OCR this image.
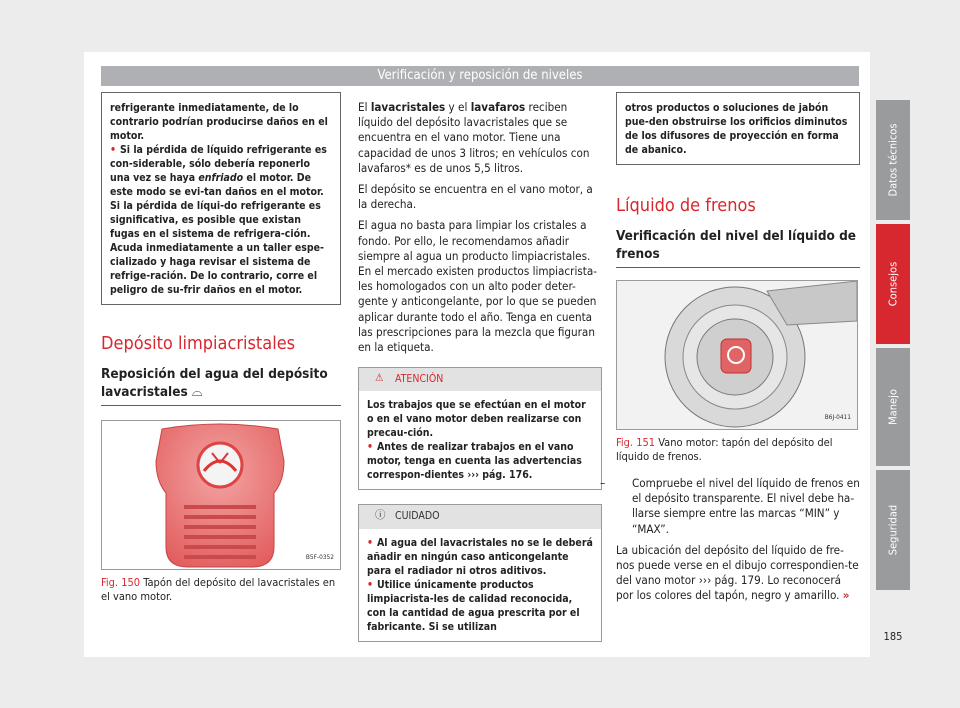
Verificación y reposición de niveles

refrigerante inmediatamente, de lo contrario podrían producirse daños en el motor.

• Si la pérdida de líquido refrigerante es con-siderable, sólo debería reponerlo una vez se haya enfriado el motor. De este modo se evi-tan daños en el motor. Si la pérdida de líqui-do refrigerante es significativa, es posible que existan fugas en el sistema de refrigera-ción. Acuda inmediatamente a un taller espe-cializado y haga revisar el sistema de refrige-ración. De lo contrario, corre el peligro de su-frir daños en el motor.

Depósito limpiacristales
Reposición del agua del depósito lavacristales ⌓
B5F-0352
Fig. 150 Tapón del depósito del lavacristales en el vano motor.

El lavacristales y el lavafaros reciben líquido del depósito lavacristales que se encuentra en el vano motor. Tiene una capacidad de unos 3 litros; en vehículos con lavafaros* es de unos 5,5 litros.

El depósito se encuentra en el vano motor, a la derecha.

El agua no basta para limpiar los cristales a fondo. Por ello, le recomendamos añadir siempre al agua un producto limpiacristales. En el mercado existen productos limpiacrista-les homologados con un alto poder deter-gente y anticongelante, por lo que se pueden aplicar durante todo el año. Tenga en cuenta las prescripciones para la mezcla que figuran en la etiqueta.

⚠ ATENCIÓN

Los trabajos que se efectúan en el motor o en el vano motor deben realizarse con precau-ción.

• Antes de realizar trabajos en el vano motor, tenga en cuenta las advertencias correspon-dientes ››› pág. 176.

ⓘ CUIDADO

• Al agua del lavacristales no se le deberá añadir en ningún caso anticongelante para el radiador ni otros aditivos.

• Utilice únicamente productos limpiacrista-les de calidad reconocida, con la cantidad de agua prescrita por el fabricante. Si se utilizan

otros productos o soluciones de jabón pue-den obstruirse los orificios diminutos de los difusores de proyección en forma de abanico.

Líquido de frenos
Verificación del nivel del líquido de frenos
B6J-0411
Fig. 151 Vano motor: tapón del depósito del líquido de frenos.

– Compruebe el nivel del líquido de frenos en el depósito transparente. El nivel debe ha-llarse siempre entre las marcas “MIN” y “MAX”.

La ubicación del depósito del líquido de fre-nos puede verse en el dibujo correspondien-te del vano motor ››› pág. 179. Lo reconocerá por los colores del tapón, negro y amarillo. »

Datos técnicos
Consejos
Manejo
Seguridad
185
